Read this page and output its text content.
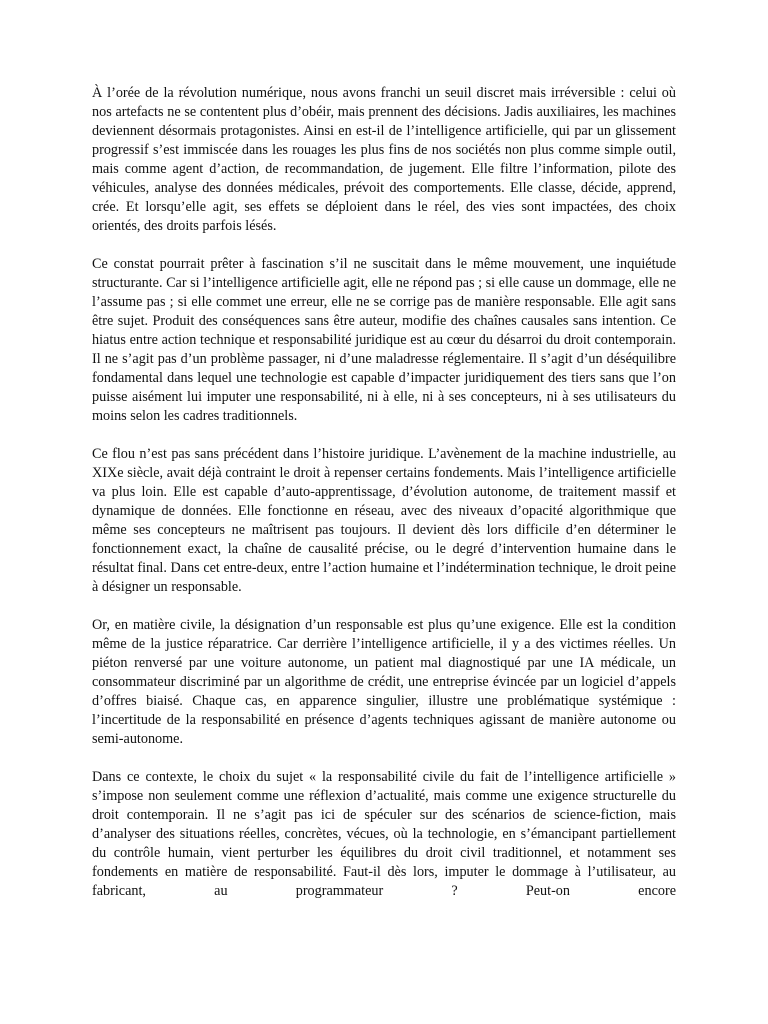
À l’orée de la révolution numérique, nous avons franchi un seuil discret mais irréversible : celui où nos artefacts ne se contentent plus d’obéir, mais prennent des décisions. Jadis auxiliaires, les machines deviennent désormais protagonistes. Ainsi en est-il de l’intelligence artificielle, qui par un glissement progressif s’est immiscée dans les rouages les plus fins de nos sociétés non plus comme simple outil, mais comme agent d’action, de recommandation, de jugement. Elle filtre l’information, pilote des véhicules, analyse des données médicales, prévoit des comportements. Elle classe, décide, apprend, crée. Et lorsqu’elle agit, ses effets se déploient dans le réel, des vies sont impactées, des choix orientés, des droits parfois lésés.

Ce constat pourrait prêter à fascination s’il ne suscitait dans le même mouvement, une inquiétude structurante. Car si l’intelligence artificielle agit, elle ne répond pas ; si elle cause un dommage, elle ne l’assume pas ; si elle commet une erreur, elle ne se corrige pas de manière responsable. Elle agit sans être sujet. Produit des conséquences sans être auteur, modifie des chaînes causales sans intention. Ce hiatus entre action technique et responsabilité juridique est au cœur du désarroi du droit contemporain. Il ne s’agit pas d’un problème passager, ni d’une maladresse réglementaire. Il s’agit d’un déséquilibre fondamental dans lequel une technologie est capable d’impacter juridiquement des tiers sans que l’on puisse aisément lui imputer une responsabilité, ni à elle, ni à ses concepteurs, ni à ses utilisateurs du moins selon les cadres traditionnels.

Ce flou n’est pas sans précédent dans l’histoire juridique. L’avènement de la machine industrielle, au XIXe siècle, avait déjà contraint le droit à repenser certains fondements. Mais l’intelligence artificielle va plus loin. Elle est capable d’auto-apprentissage, d’évolution autonome, de traitement massif et dynamique de données. Elle fonctionne en réseau, avec des niveaux d’opacité algorithmique que même ses concepteurs ne maîtrisent pas toujours. Il devient dès lors difficile d’en déterminer le fonctionnement exact, la chaîne de causalité précise, ou le degré d’intervention humaine dans le résultat final. Dans cet entre-deux, entre l’action humaine et l’indétermination technique, le droit peine à désigner un responsable.

Or, en matière civile, la désignation d’un responsable est plus qu’une exigence. Elle est la condition même de la justice réparatrice. Car derrière l’intelligence artificielle, il y a des victimes réelles. Un piéton renversé par une voiture autonome, un patient mal diagnostiqué par une IA médicale, un consommateur discriminé par un algorithme de crédit, une entreprise évincée par un logiciel d’appels d’offres biaisé. Chaque cas, en apparence singulier, illustre une problématique systémique : l’incertitude de la responsabilité en présence d’agents techniques agissant de manière autonome ou semi-autonome.

Dans ce contexte, le choix du sujet « la responsabilité civile du fait de l’intelligence artificielle » s’impose non seulement comme une réflexion d’actualité, mais comme une exigence structurelle du droit contemporain. Il ne s’agit pas ici de spéculer sur des scénarios de science-fiction, mais d’analyser des situations réelles, concrètes, vécues, où la technologie, en s’émancipant partiellement du contrôle humain, vient perturber les équilibres du droit civil traditionnel, et notamment ses fondements en matière de responsabilité. Faut-il dès lors, imputer le dommage à l’utilisateur, au fabricant, au programmateur ? Peut-on encore
